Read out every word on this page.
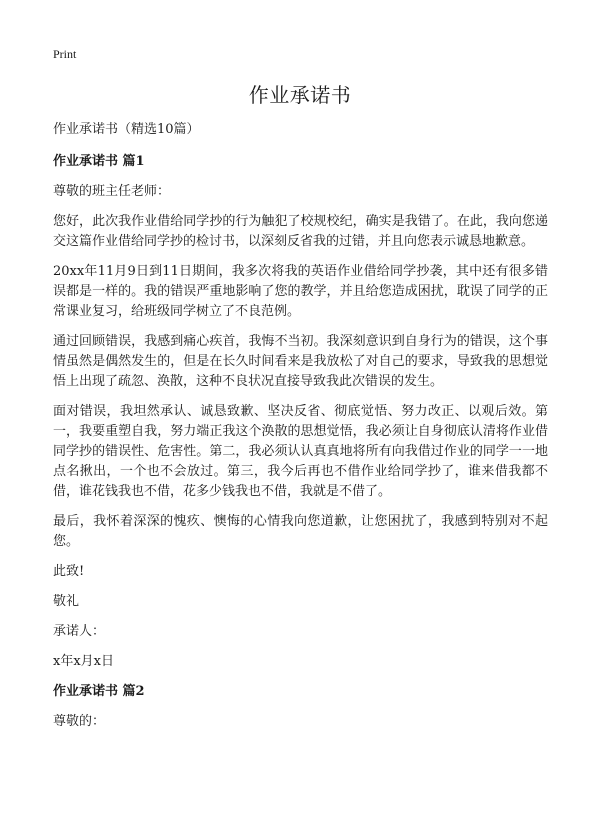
Print
作业承诺书

作业承诺书（精选10篇）

作业承诺书 篇1

尊敬的班主任老师：

您好，此次我作业借给同学抄的行为触犯了校规校纪，确实是我错了。在此，我向您递交这篇作业借给同学抄的检讨书，以深刻反省我的过错，并且向您表示诚恳地歉意。

20xx年11月9日到11日期间，我多次将我的英语作业借给同学抄袭，其中还有很多错误都是一样的。我的错误严重地影响了您的教学，并且给您造成困扰，耽误了同学的正常课业复习，给班级同学树立了不良范例。

通过回顾错误，我感到痛心疾首，我悔不当初。我深刻意识到自身行为的错误，这个事情虽然是偶然发生的，但是在长久时间看来是我放松了对自己的要求，导致我的思想觉悟上出现了疏忽、涣散，这种不良状况直接导致我此次错误的发生。

面对错误，我坦然承认、诚恳致歉、坚决反省、彻底觉悟、努力改正、以观后效。第一，我要重塑自我，努力端正我这个涣散的思想觉悟，我必须让自身彻底认清将作业借同学抄的错误性、危害性。第二，我必须认认真真地将所有向我借过作业的同学一一地点名揪出，一个也不会放过。第三，我今后再也不借作业给同学抄了，谁来借我都不借，谁花钱我也不借，花多少钱我也不借，我就是不借了。

最后，我怀着深深的愧疚、懊悔的心情我向您道歉，让您困扰了，我感到特别对不起您。

此致!

敬礼

承诺人：

x年x月x日

作业承诺书 篇2

尊敬的：
